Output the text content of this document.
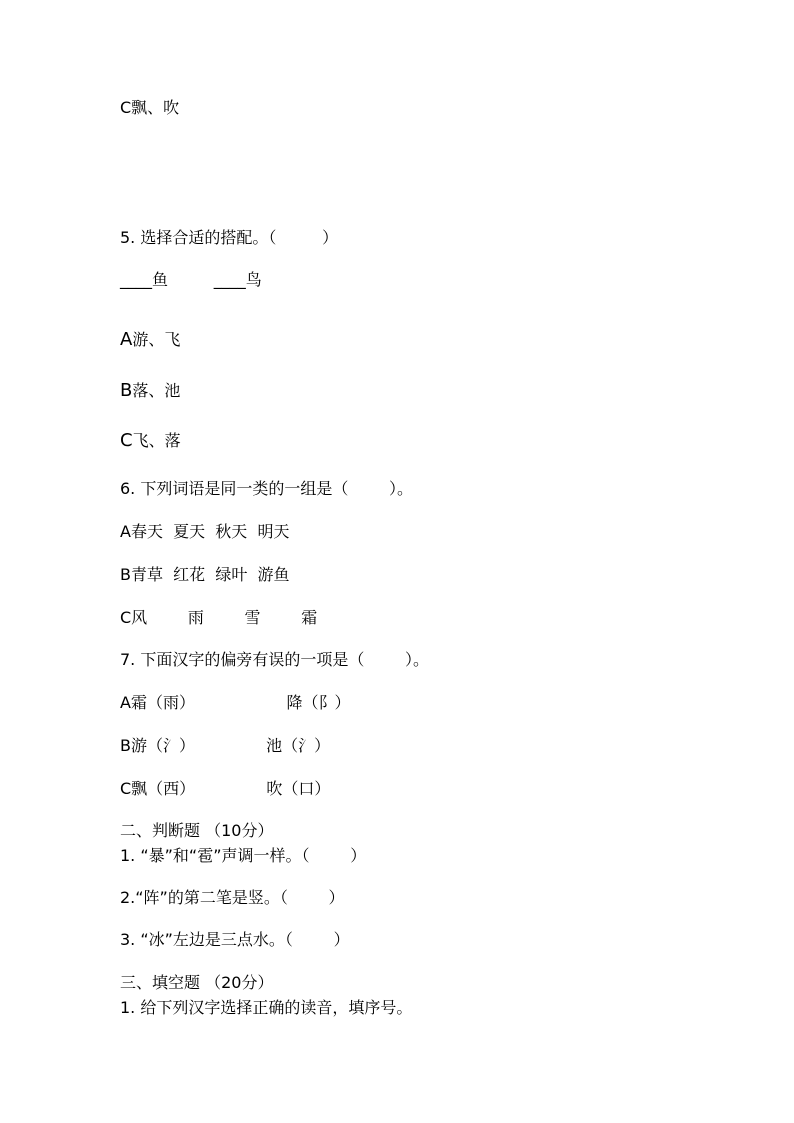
C飘、吹
5. 选择合适的搭配。（         ）
____鱼         ____鸟
A游、飞
B落、池
C飞、落
6. 下列词语是同一类的一组是（        ）。
A春天  夏天  秋天  明天
B青草  红花  绿叶  游鱼
C风        雨        雪        霜
7. 下面汉字的偏旁有误的一项是（        ）。
A霜（雨）                  降（阝）
B游（氵）              池（氵）
C飘（西）              吹（口）
二、判断题 （10分）
1. “暴”和“雹”声调一样。（        ）
2.“阵”的第二笔是竖。（        ）
3. “冰”左边是三点水。（        ）
三、填空题 （20分）
1. 给下列汉字选择正确的读音，填序号。
